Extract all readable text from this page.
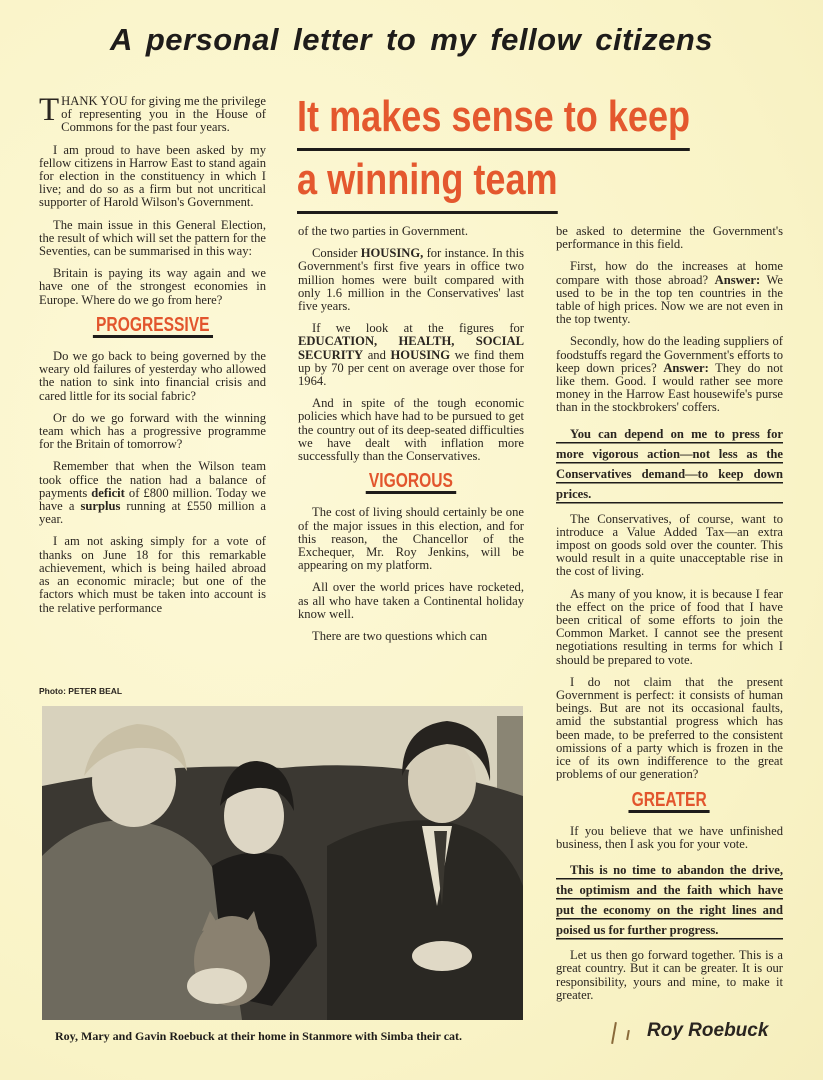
A personal letter to my fellow citizens
It makes sense to keep
a winning team

THANK YOU for giving me the privilege of representing you in the House of Commons for the past four years.

I am proud to have been asked by my fellow citizens in Harrow East to stand again for election in the constituency in which I live; and do so as a firm but not uncritical supporter of Harold Wilson's Government.

The main issue in this General Election, the result of which will set the pattern for the Seventies, can be summarised in this way:

Britain is paying its way again and we have one of the strongest economies in Europe. Where do we go from here?

PROGRESSIVE

Do we go back to being governed by the weary old failures of yesterday who allowed the nation to sink into financial crisis and cared little for its social fabric?

Or do we go forward with the winning team which has a progressive programme for the Britain of tomorrow?

Remember that when the Wilson team took office the nation had a balance of payments deficit of £800 million. Today we have a surplus running at £550 million a year.

I am not asking simply for a vote of thanks on June 18 for this remarkable achievement, which is being hailed abroad as an economic miracle; but one of the factors which must be taken into account is the relative performance

of the two parties in Government.

Consider HOUSING, for instance. In this Government's first five years in office two million homes were built compared with only 1.6 million in the Conservatives' last five years.

If we look at the figures for EDUCATION, HEALTH, SOCIAL SECURITY and HOUSING we find them up by 70 per cent on average over those for 1964.

And in spite of the tough economic policies which have had to be pursued to get the country out of its deep-seated difficulties we have dealt with inflation more successfully than the Conservatives.

VIGOROUS

The cost of living should certainly be one of the major issues in this election, and for this reason, the Chancellor of the Exchequer, Mr. Roy Jenkins, will be appearing on my platform.

All over the world prices have rocketed, as all who have taken a Continental holiday know well.

There are two questions which can

be asked to determine the Government's performance in this field.

First, how do the increases at home compare with those abroad? Answer: We used to be in the top ten countries in the table of high prices. Now we are not even in the top twenty.

Secondly, how do the leading suppliers of foodstuffs regard the Government's efforts to keep down prices? Answer: They do not like them. Good. I would rather see more money in the Harrow East housewife's purse than in the stockbrokers' coffers.

You can depend on me to press for more vigorous action—not less as the Conservatives demand—to keep down prices.

The Conservatives, of course, want to introduce a Value Added Tax—an extra impost on goods sold over the counter. This would result in a quite unacceptable rise in the cost of living.

As many of you know, it is because I fear the effect on the price of food that I have been critical of some efforts to join the Common Market. I cannot see the present negotiations resulting in terms for which I should be prepared to vote.

I do not claim that the present Government is perfect: it consists of human beings. But are not its occasional faults, amid the substantial progress which has been made, to be preferred to the consistent omissions of a party which is frozen in the ice of its own indifference to the great problems of our generation?

GREATER

If you believe that we have unfinished business, then I ask you for your vote.

This is no time to abandon the drive, the optimism and the faith which have put the economy on the right lines and poised us for further progress.

Let us then go forward together. This is a great country. But it can be greater. It is our responsibility, yours and mine, to make it greater.

Photo: PETER BEAL
Roy, Mary and Gavin Roebuck at their home in Stanmore with Simba their cat.	Roy Roebuck
